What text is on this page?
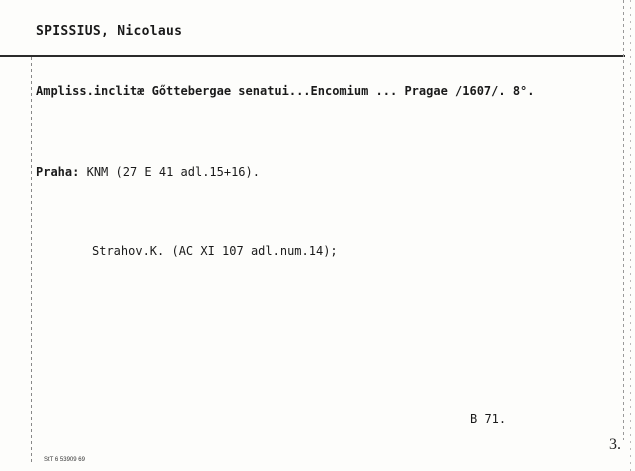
SPISSIUS, Nicolaus
Ampliss.inclitæ Gőttebergae senatui...Encomium ... Pragae /1607/. 8°.
Praha: KNM (27 E 41 adl.15+16).
Strahov.K. (AC XI 107 adl.num.14);
B 71.
StT 6 53909 69
3.
